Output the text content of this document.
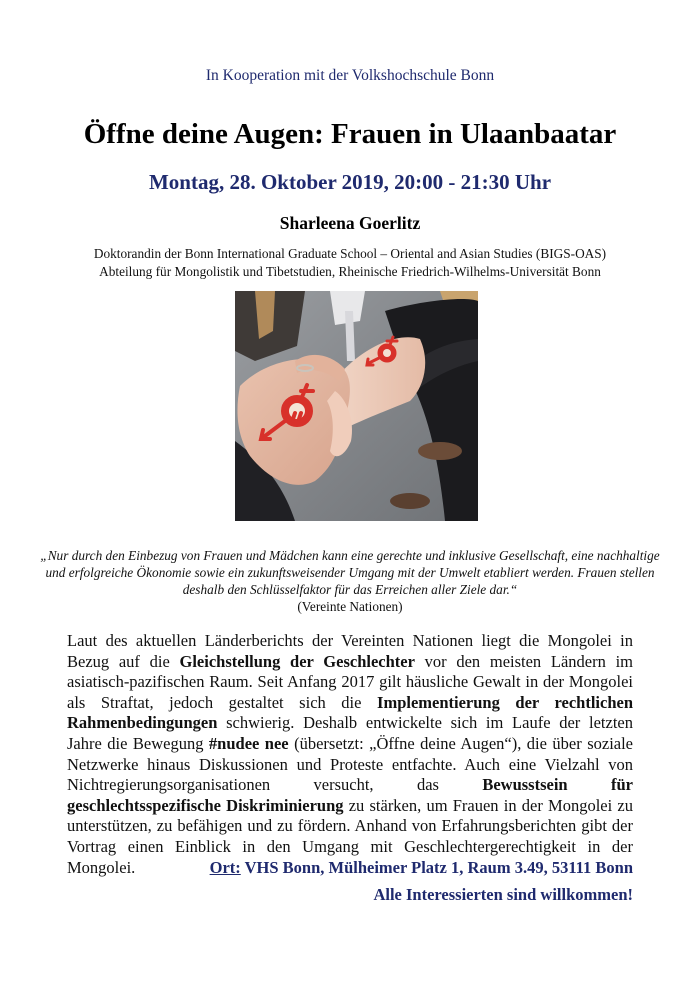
In Kooperation mit der Volkshochschule Bonn
Öffne deine Augen: Frauen in Ulaanbaatar
Montag, 28. Oktober 2019, 20:00 - 21:30 Uhr
Sharleena Goerlitz
Doktorandin der Bonn International Graduate School – Oriental and Asian Studies (BIGS-OAS)
Abteilung für Mongolistik und Tibetstudien, Rheinische Friedrich-Wilhelms-Universität Bonn
„Nur durch den Einbezug von Frauen und Mädchen kann eine gerechte und inklusive Gesellschaft, eine nachhaltige und erfolgreiche Ökonomie sowie ein zukunftsweisender Umgang mit der Umwelt etabliert werden. Frauen stellen deshalb den Schlüsselfaktor für das Erreichen aller Ziele dar.“
(Vereinte Nationen)
Laut des aktuellen Länderberichts der Vereinten Nationen liegt die Mongolei in Bezug auf die Gleichstellung der Geschlechter vor den meisten Ländern im asiatisch-pazifischen Raum. Seit Anfang 2017 gilt häusliche Gewalt in der Mongolei als Straftat, jedoch gestaltet sich die Implementierung der rechtlichen Rahmenbedingungen schwierig. Deshalb entwickelte sich im Laufe der letzten Jahre die Bewegung #nudee nee (übersetzt: „Öffne deine Augen“), die über soziale Netzwerke hinaus Diskussionen und Proteste entfachte. Auch eine Vielzahl von Nichtregierungsorganisationen versucht, das Bewusstsein für geschlechtsspezifische Diskriminierung zu stärken, um Frauen in der Mongolei zu unterstützen, zu befähigen und zu fördern. Anhand von Erfahrungsberichten gibt der Vortrag einen Einblick in den Umgang mit Geschlechtergerechtigkeit in der Mongolei.	Ort: VHS Bonn, Mülheimer Platz 1, Raum 3.49, 53111 Bonn
Alle Interessierten sind willkommen!
